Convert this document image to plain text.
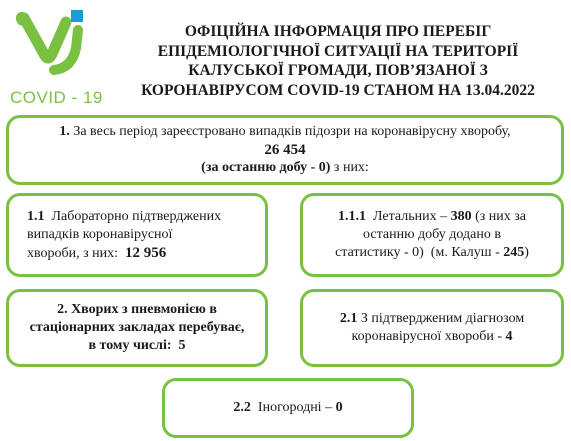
COVID - 19
ОФІЦІЙНА ІНФОРМАЦІЯ ПРО ПЕРЕБІГ
ЕПІДЕМІОЛОГІЧНОЇ СИТУАЦІЇ НА ТЕРИТОРІЇ
КАЛУСЬКОЇ ГРОМАДИ, ПОВ’ЯЗАНОЇ З
КОРОНАВІРУСОМ COVID-19 СТАНОМ НА 13.04.2022
1. За весь період зареєстровано випадків підозри на коронавірусну хворобу,
26 454
(за останню добу - 0) з них:
1.1  Лабораторно підтверджених
випадків коронавірусної
хвороби, з них:  12 956
1.1.1  Летальних – 380 (з них за
останню добу додано в
статистику - 0)  (м. Калуш - 245)
2. Хворих з пневмонією в
стаціонарних закладах перебуває,
в тому числі:  5
2.1 З підтвердженим діагнозом
коронавірусної хвороби - 4
2.2  Іногородні – 0
